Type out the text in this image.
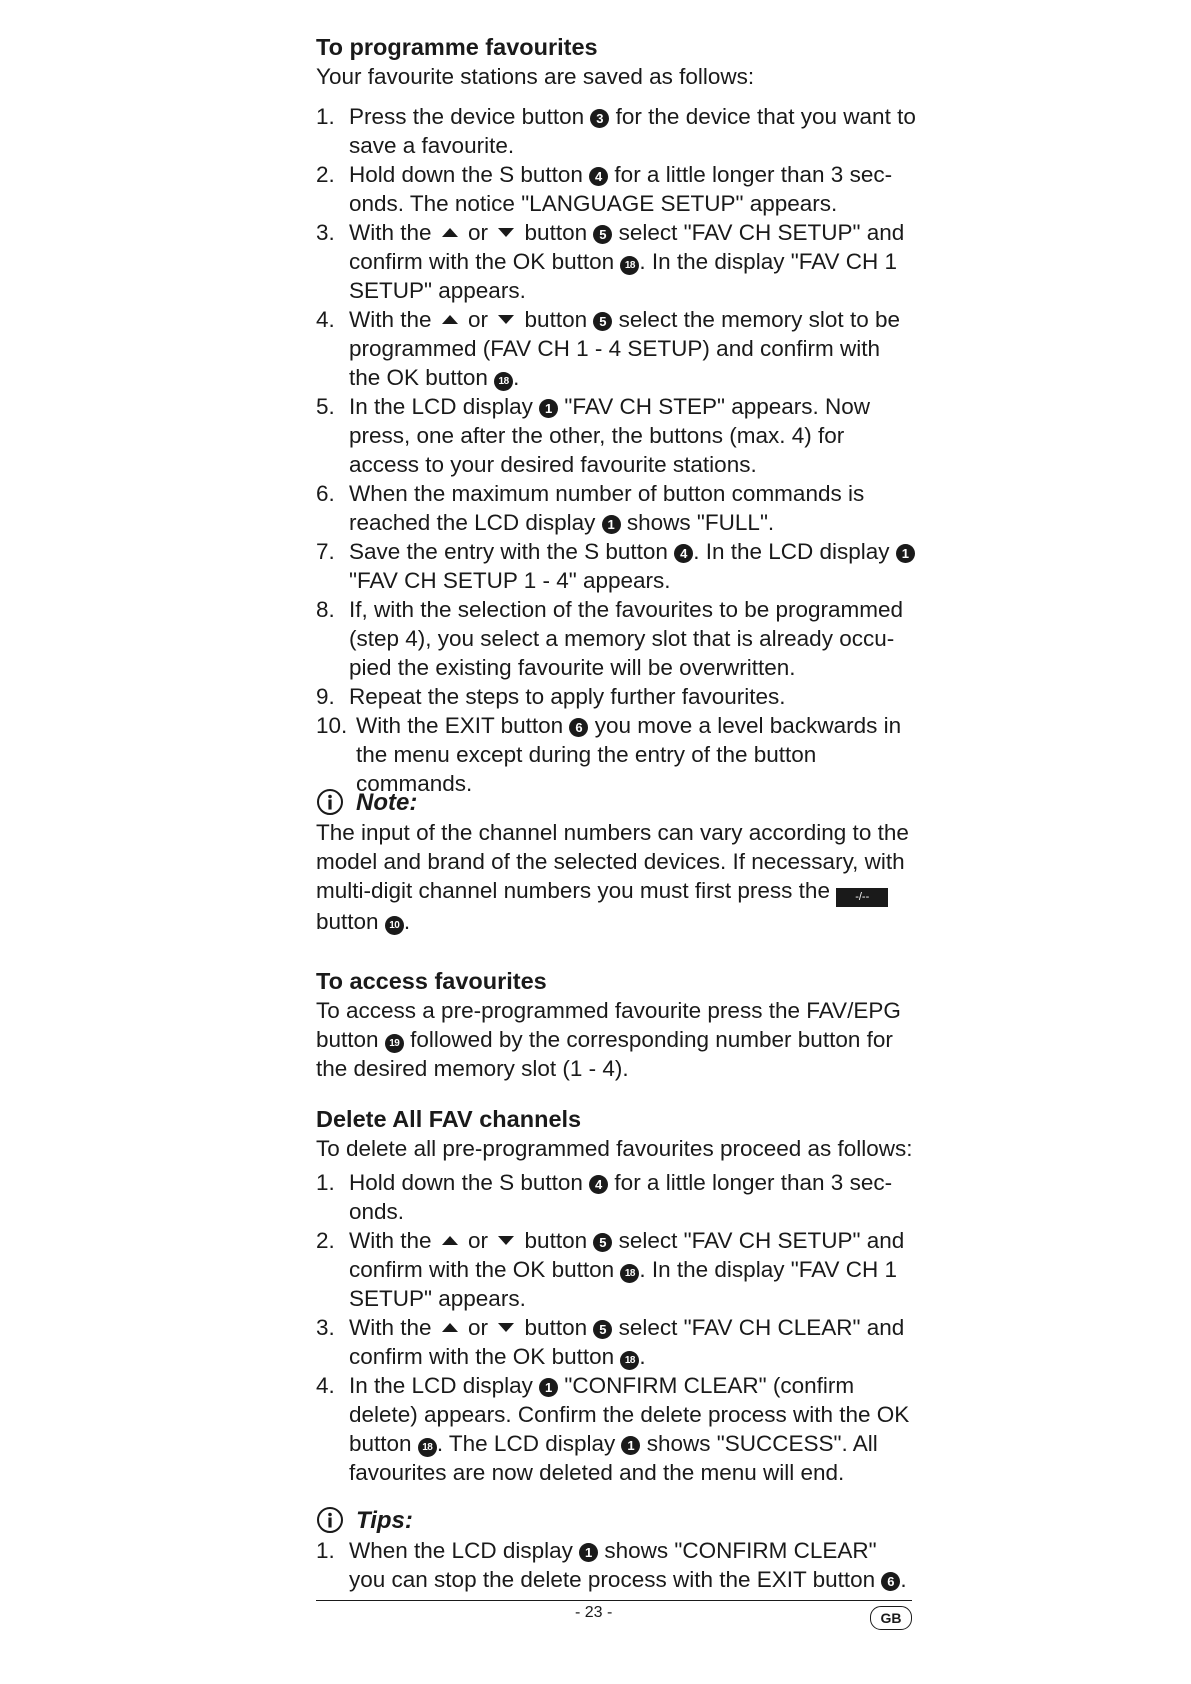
To programme favourites

Your favourite stations are saved as follows:

1. Press the device button 3 for the device that you want to save a favourite.
2. Hold down the S button 4 for a little longer than 3 sec-onds. The notice "LANGUAGE SETUP" appears.
3. With the  or  button 5 select "FAV CH SETUP" and confirm with the OK button 18 . In the display "FAV CH 1 SETUP" appears.
4. With the  or  button 5 select the memory slot to be programmed (FAV CH 1 - 4 SETUP) and confirm with the OK button 18 .
5. In the LCD display 1 "FAV CH STEP" appears. Now press, one after the other, the buttons (max. 4) for access to your desired favourite stations.
6. When the maximum number of button commands is reached the LCD display 1 shows "FULL".
7. Save the entry with the S button 4 . In the LCD display 1 "FAV CH SETUP 1 - 4" appears.
8. If, with the selection of the favourites to be programmed (step 4), you select a memory slot that is already occu-pied the existing favourite will be overwritten.
9. Repeat the steps to apply further favourites.
10. With the EXIT button 6 you move a level backwards in the menu except during the entry of the button commands.
Note:

The input of the channel numbers can vary according to the model and brand of the selected devices. If necessary, with multi-digit channel numbers you must first press the -/-- button 10 .

To access favourites

To access a pre-programmed favourite press the FAV/EPG button 19 followed by the corresponding number button for the desired memory slot (1 - 4).

Delete All FAV channels

To delete all pre-programmed favourites proceed as follows:

1. Hold down the S button 4 for a little longer than 3 sec-onds.
2. With the  or  button 5 select "FAV CH SETUP" and confirm with the OK button 18 . In the display "FAV CH 1 SETUP" appears.
3. With the  or  button 5 select "FAV CH CLEAR" and confirm with the OK button 18 .
4. In the LCD display 1 "CONFIRM CLEAR" (confirm delete) appears. Confirm the delete process with the OK button 18 . The LCD display 1 shows "SUCCESS". All favourites are now deleted and the menu will end.
Tips:
1. When the LCD display 1 shows "CONFIRM CLEAR" you can stop the delete process with the EXIT button 6 .
- 23 -	GB
